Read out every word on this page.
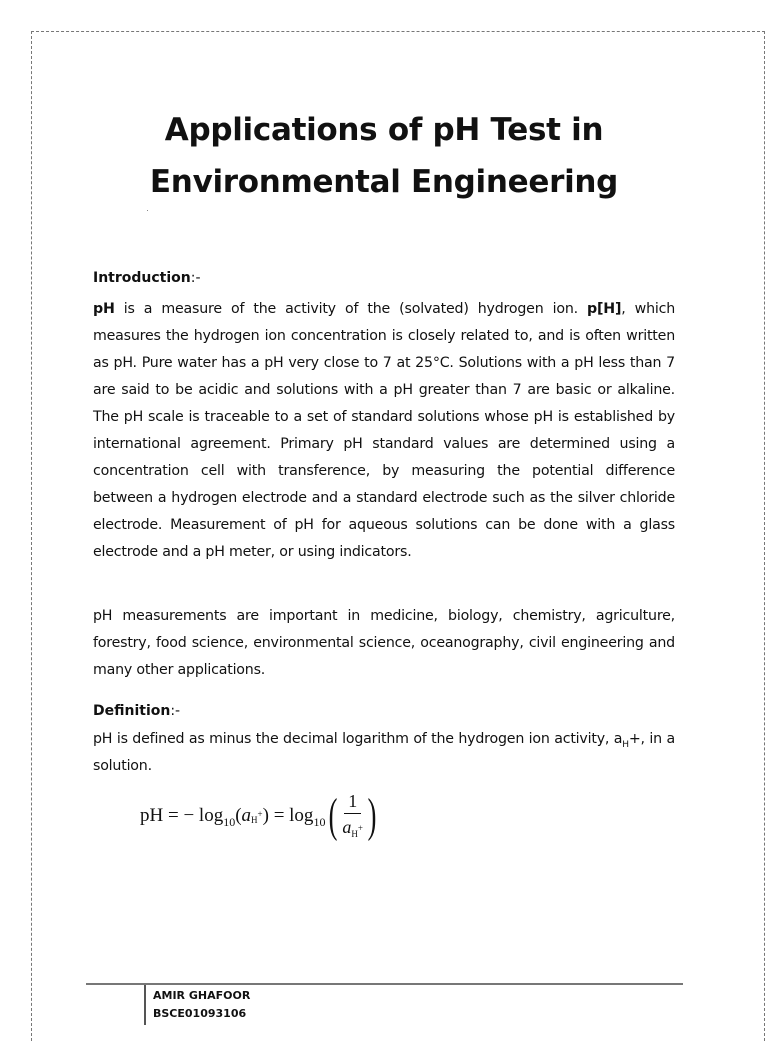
Applications of pH Test in
Environmental Engineering

Introduction:-

pH is a measure of the activity of the (solvated) hydrogen ion. p[H], which measures the hydrogen ion concentration is closely related to, and is often written as pH. Pure water has a pH very close to 7 at 25°C. Solutions with a pH less than 7 are said to be acidic and solutions with a pH greater than 7 are basic or alkaline. The pH scale is traceable to a set of standard solutions whose pH is established by international agreement. Primary pH standard values are determined using a concentration cell with transference, by measuring the potential difference between a hydrogen electrode and a standard electrode such as the silver chloride electrode. Measurement of pH for aqueous solutions can be done with a glass electrode and a pH meter, or using indicators.

pH measurements are important in medicine, biology, chemistry, agriculture, forestry, food science, environmental science, oceanography, civil engineering and many other applications.

Definition:-

pH is defined as minus the decimal logarithm of the hydrogen ion activity, $a_H+$, in a solution.

pH = − log 10 ( a H
+ ) = log 10 ( $\frac{1}{a_H+}$ )
AMIR GHAFOOR
BSCE01093106
